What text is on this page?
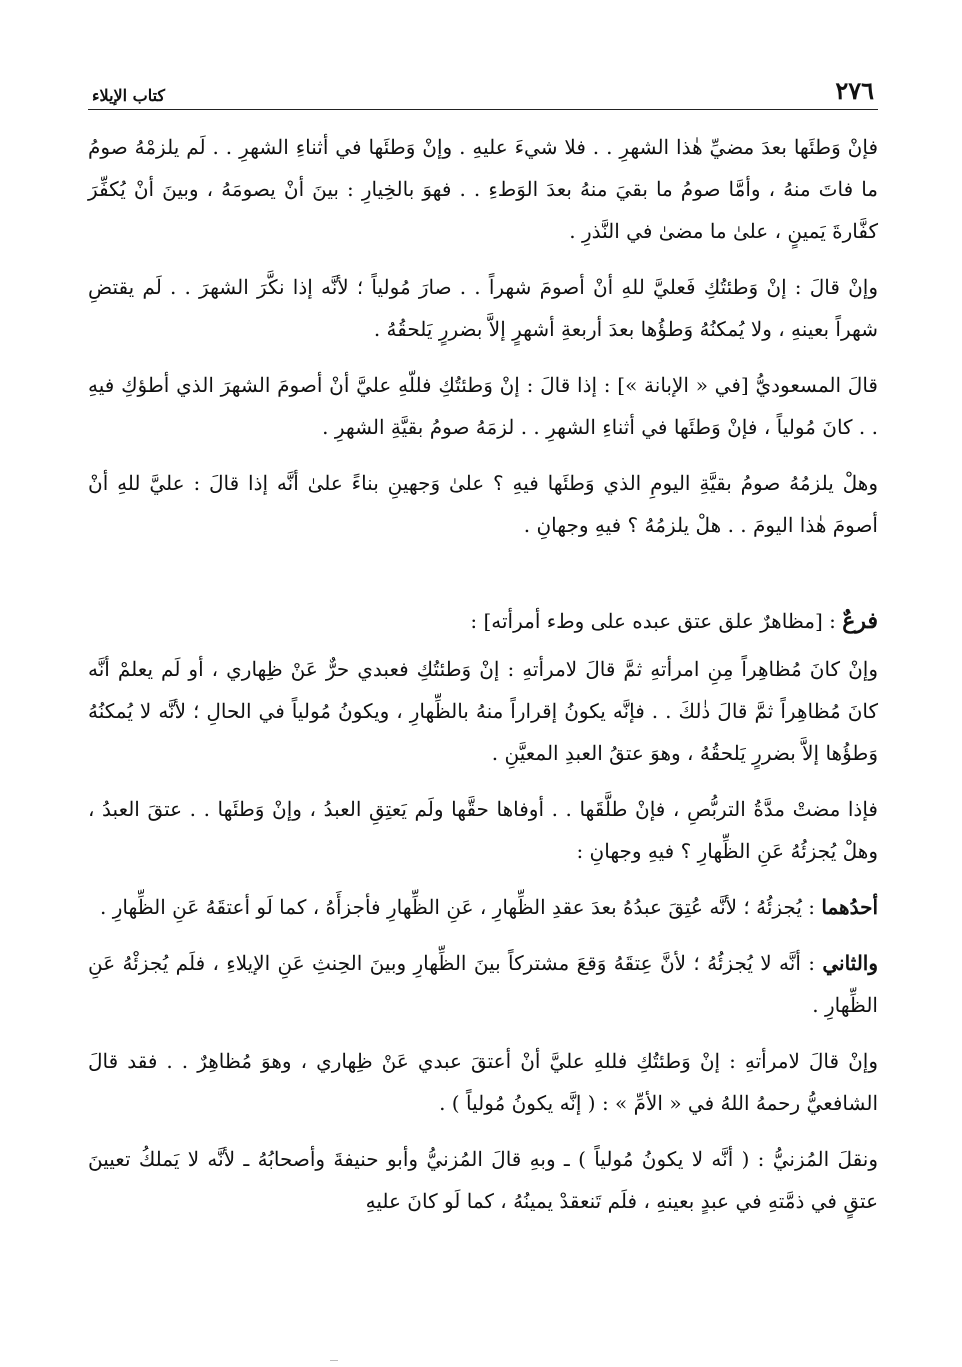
٢٧٦
كتاب الإيلاء

فإنْ وَطئَها بعدَ مضيِّ هٰذا الشهرِ . . فلا شيءَ عليهِ . وإنْ وَطئَها في أثناءِ الشهرِ . . لَم يلزمْهُ صومُ ما فاتَ منهُ ، وأمَّا صومُ ما بقيَ منهُ بعدَ الوَطءِ . . فهوَ بالخِيارِ : بينَ أنْ يصومَهُ ، وبينَ أنْ يُكفِّرَ كفَّارةَ يَمينٍ ، علىٰ ما مضىٰ في النَّذرِ .

وإنْ قالَ : إنْ وَطئتُكِ فَعليَّ للهِ أنْ أصومَ شهراً . . صارَ مُولياً ؛ لأنَّه إذا نكَّرَ الشهرَ . . لَم يقتضِ شهراً بعينهِ ، ولا يُمكنُهُ وَطؤُها بعدَ أربعةِ أشهرٍ إلاَّ بضررٍ يَلحقُهُ .

قالَ المسعوديُّ [في « الإبانة »] : إذا قالَ : إنْ وَطئتُكِ فللّهِ عليَّ أنْ أصومَ الشهرَ الذي أطؤكِ فيهِ . . كانَ مُولياً ، فإنْ وَطئَها في أثناءِ الشهرِ . . لزمَهُ صومُ بقيَّةِ الشهرِ .

وهلْ يلزمُهُ صومُ بقيَّةِ اليومِ الذي وَطئَها فيهِ ؟ علىٰ وَجهينِ بناءً علىٰ أنَّه إذا قالَ : عليَّ للهِ أنْ أصومَ هٰذا اليومَ . . هلْ يلزمُهُ ؟ فيهِ وجهانِ .

فرعٌ : [مظاهرٌ علق عتق عبده على وطء أمرأته] :

وإنْ كانَ مُظاهِراً مِنِ امرأتهِ ثمَّ قالَ لامرأتهِ : إنْ وَطئتُكِ فعبدي حرٌّ عَنْ ظِهاري ، أو لَم يعلمْ أنَّه كانَ مُظاهِراً ثمَّ قالَ ذٰلكَ . . فإنَّه يكونُ إقراراً منهُ بالظِّهارِ ، ويكونُ مُولياً في الحالِ ؛ لأنَّه لا يُمكنُهُ وَطؤُها إلاَّ بضررٍ يَلحقُهُ ، وهوَ عتقُ العبدِ المعيَّنِ .

فإذا مضتْ مدَّةُ التربُّصِ ، فإنْ طلَّقَها . . أوفاها حقَّها ولَم يَعتِقِ العبدُ ، وإنْ وَطئَها . . عتقَ العبدُ ، وهلْ يُجزئُهُ عَنِ الظِّهارِ ؟ فيهِ وجهانِ :

أحدُهما : يُجزئُهُ ؛ لأنَّه عُتِقَ عبدُهُ بعدَ عقدِ الظِّهارِ ، عَنِ الظِّهارِ فأجزأَهُ ، كما لَو أعتقَهُ عَنِ الظِّهارِ .

والثاني : أنَّه لا يُجزئُهُ ؛ لأنَّ عِتقَهُ وَقعَ مشتركاً بينَ الظِّهارِ وبينَ الحِنثِ عَنِ الإيلاءِ ، فلَم يُجزئْهُ عَنِ الظِّهارِ .

وإنْ قالَ لامرأتهِ : إنْ وَطئتُكِ فللهِ عليَّ أنْ أعتقَ عبدي عَنْ ظِهاري ، وهوَ مُظاهِرٌ . . فقد قالَ الشافعيُّ رحمهُ اللهُ في « الأمِّ » : ( إنَّه يكونُ مُولياً ) .

ونقلَ المُزنيُّ : ( أنَّه لا يكونُ مُولياً ) ـ وبهِ قالَ المُزنيُّ وأبو حنيفةَ وأصحابُهُ ـ لأنَّه لا يَملكُ تعيينَ عتقٍ في ذمَّتهِ في عبدٍ بعينهِ ، فلَم تَنعقدْ يمينُهُ ، كما لَو كانَ عليهِ
